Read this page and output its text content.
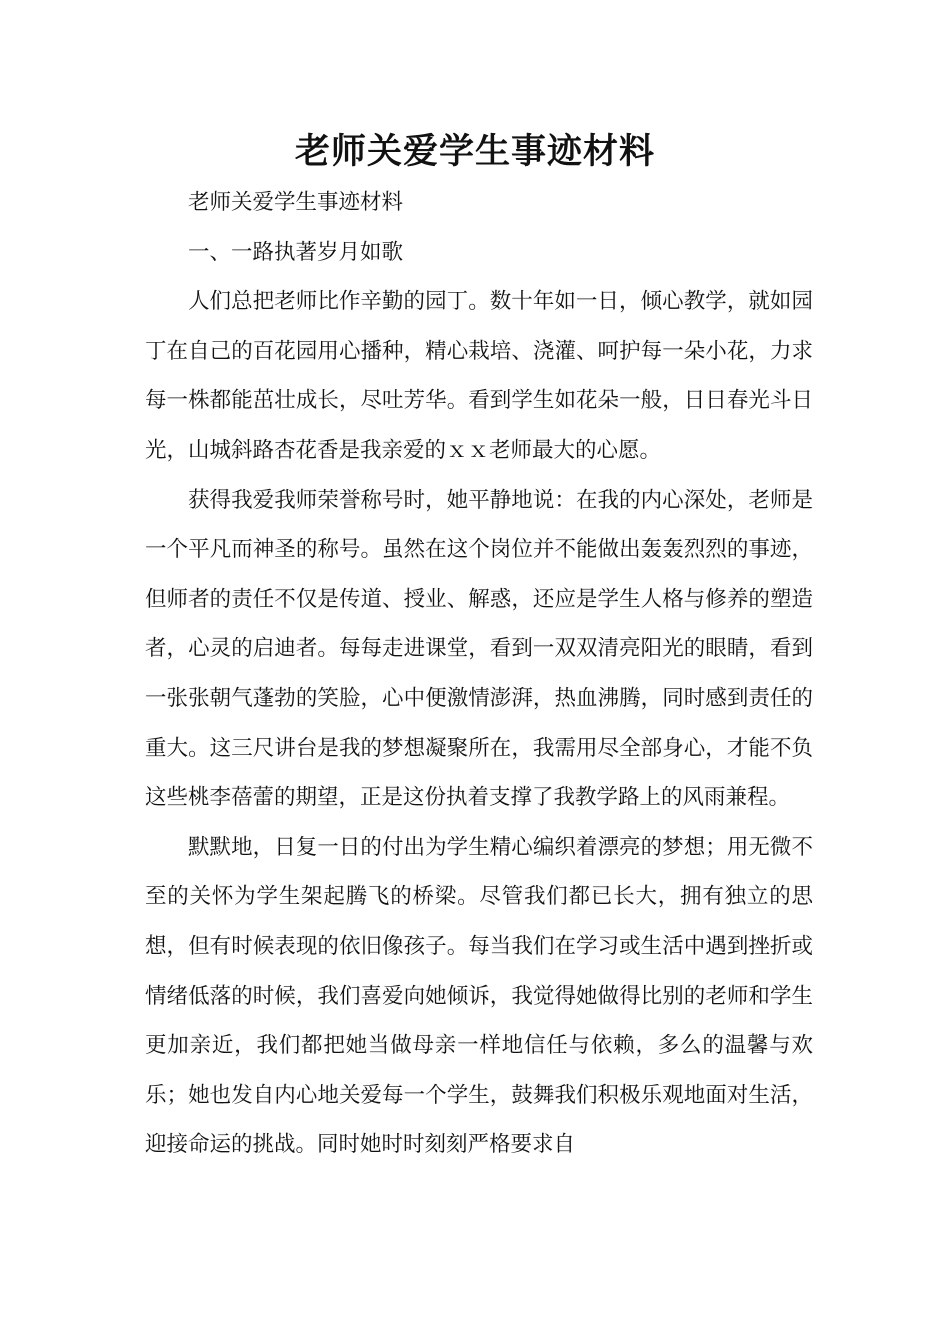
老师关爱学生事迹材料

老师关爱学生事迹材料

一、一路执著岁月如歌

人们总把老师比作辛勤的园丁。数十年如一日，倾心教学，就如园丁在自己的百花园用心播种，精心栽培、浇灌、呵护每一朵小花，力求每一株都能茁壮成长，尽吐芳华。看到学生如花朵一般，日日春光斗日光，山城斜路杏花香是我亲爱的ｘｘ老师最大的心愿。

获得我爱我师荣誉称号时，她平静地说：在我的内心深处，老师是一个平凡而神圣的称号。虽然在这个岗位并不能做出轰轰烈烈的事迹，但师者的责任不仅是传道、授业、解惑，还应是学生人格与修养的塑造者，心灵的启迪者。每每走进课堂，看到一双双清亮阳光的眼睛，看到一张张朝气蓬勃的笑脸，心中便激情澎湃，热血沸腾，同时感到责任的重大。这三尺讲台是我的梦想凝聚所在，我需用尽全部身心，才能不负这些桃李蓓蕾的期望，正是这份执着支撑了我教学路上的风雨兼程。

默默地，日复一日的付出为学生精心编织着漂亮的梦想；用无微不至的关怀为学生架起腾飞的桥梁。尽管我们都已长大，拥有独立的思想，但有时候表现的依旧像孩子。每当我们在学习或生活中遇到挫折或情绪低落的时候，我们喜爱向她倾诉，我觉得她做得比别的老师和学生更加亲近，我们都把她当做母亲一样地信任与依赖，多么的温馨与欢乐；她也发自内心地关爱每一个学生，鼓舞我们积极乐观地面对生活，迎接命运的挑战。同时她时时刻刻严格要求自
